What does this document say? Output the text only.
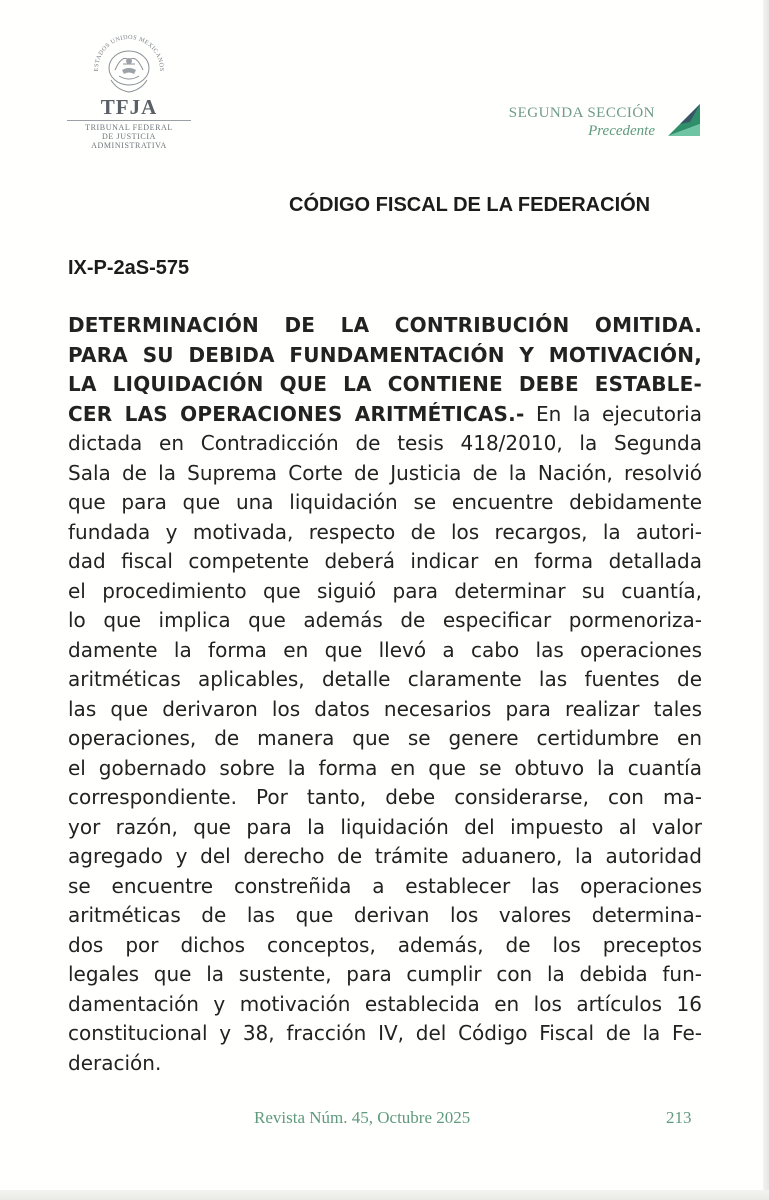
ESTADOS UNIDOS MEXICANOS
TFJA
TRIBUNAL FEDERAL
DE JUSTICIA ADMINISTRATIVA
SEGUNDA SECCIÓN
Precedente
CÓDIGO FISCAL DE LA FEDERACIÓN
IX-P-2aS-575
DETERMINACIÓN DE LA CONTRIBUCIÓN OMITIDA.
PARA SU DEBIDA FUNDAMENTACIÓN Y MOTIVACIÓN,
LA LIQUIDACIÓN QUE LA CONTIENE DEBE ESTABLE-
CER LAS OPERACIONES ARITMÉTICAS.- En la ejecutoria
dictada en Contradicción de tesis 418/2010, la Segunda
Sala de la Suprema Corte de Justicia de la Nación, resolvió
que para que una liquidación se encuentre debidamente
fundada y motivada, respecto de los recargos, la autori-
dad fiscal competente deberá indicar en forma detallada
el procedimiento que siguió para determinar su cuantía,
lo que implica que además de especificar pormenoriza-
damente la forma en que llevó a cabo las operaciones
aritméticas aplicables, detalle claramente las fuentes de
las que derivaron los datos necesarios para realizar tales
operaciones, de manera que se genere certidumbre en
el gobernado sobre la forma en que se obtuvo la cuantía
correspondiente. Por tanto, debe considerarse, con ma-
yor razón, que para la liquidación del impuesto al valor
agregado y del derecho de trámite aduanero, la autoridad
se encuentre constreñida a establecer las operaciones
aritméticas de las que derivan los valores determina-
dos por dichos conceptos, además, de los preceptos
legales que la sustente, para cumplir con la debida fun-
damentación y motivación establecida en los artículos 16
constitucional y 38, fracción IV, del Código Fiscal de la Fe-
deración.
Revista Núm. 45, Octubre 2025	213
